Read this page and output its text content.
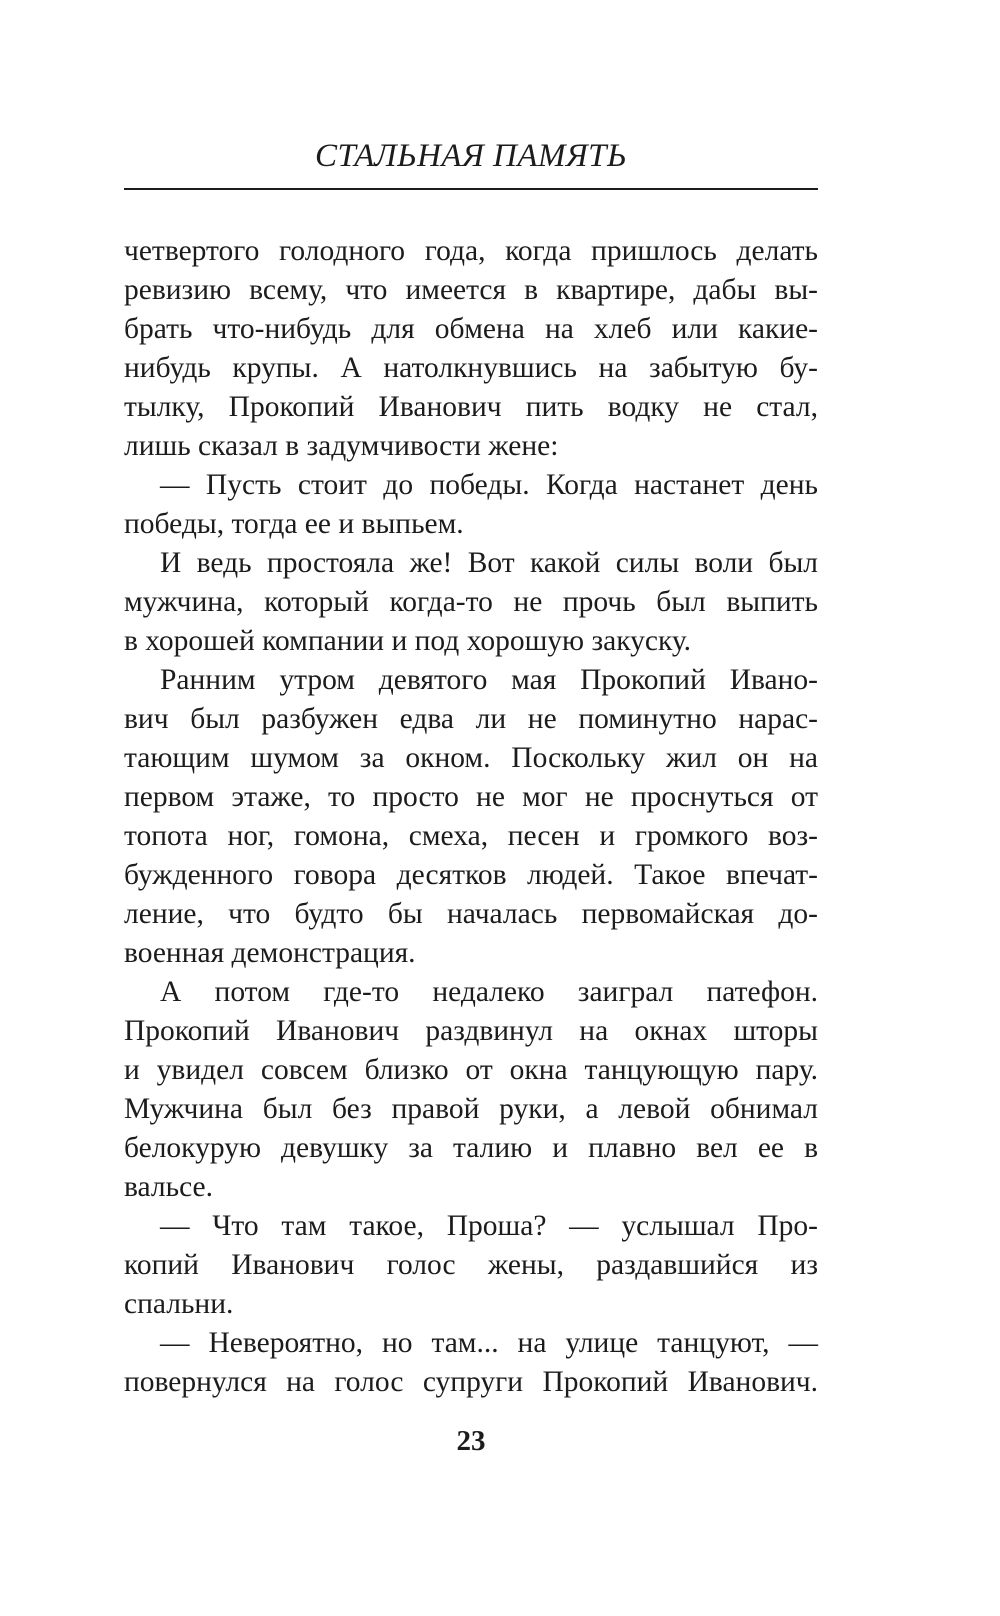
СТАЛЬНАЯ ПАМЯТЬ
четвертого голодного года, когда пришлось делать
ревизию всему, что имеется в квартире, дабы вы-
брать что-нибудь для обмена на хлеб или какие-
нибудь крупы. А натолкнувшись на забытую бу-
тылку, Прокопий Иванович пить водку не стал,
лишь сказал в задумчивости жене:
— Пусть стоит до победы. Когда настанет день
победы, тогда ее и выпьем.
И ведь простояла же! Вот какой силы воли был
мужчина, который когда-то не прочь был выпить
в хорошей компании и под хорошую закуску.
Ранним утром девятого мая Прокопий Ивано-
вич был разбужен едва ли не поминутно нарас-
тающим шумом за окном. Поскольку жил он на
первом этаже, то просто не мог не проснуться от
топота ног, гомона, смеха, песен и громкого воз-
бужденного говора десятков людей. Такое впечат-
ление, что будто бы началась первомайская до-
военная демонстрация.
А потом где-то недалеко заиграл патефон.
Прокопий Иванович раздвинул на окнах шторы
и увидел совсем близко от окна танцующую пару.
Мужчина был без правой руки, а левой обнимал
белокурую девушку за талию и плавно вел ее в
вальсе.
— Что там такое, Проша? — услышал Про-
копий Иванович голос жены, раздавшийся из
спальни.
— Невероятно, но там... на улице танцуют, —
повернулся на голос супруги Прокопий Иванович.
23
